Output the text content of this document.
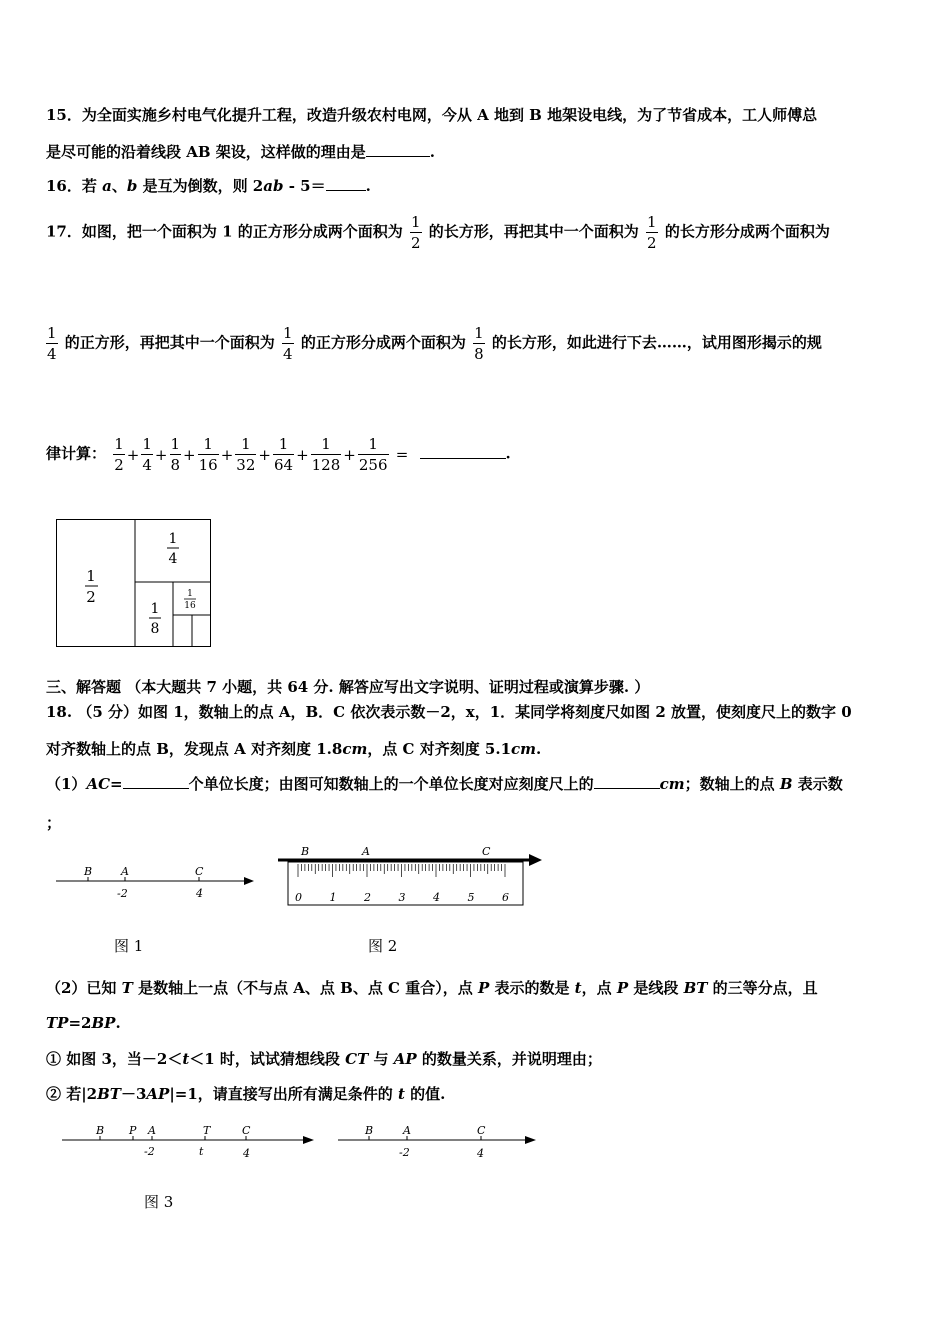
15．为全面实施乡村电气化提升工程，改造升级农村电网，今从 A 地到 B 地架设电线，为了节省成本，工人师傅总
是尽可能的沿着线段 AB 架设，这样做的理由是	.
16．若 a、b 是互为倒数，则 2ab - 5＝	.
17．如图，把一个面积为 1 的正方形分成两个面积为 $\frac{1}{2}$ 的长方形，再把其中一个面积为 $\frac{1}{2}$ 的长方形分成两个面积为
$\frac{1}{4}$ 的正方形，再把其中一个面积为 $\frac{1}{4}$ 的正方形分成两个面积为 $\frac{1}{8}$ 的长方形，如此进行下去……，试用图形揭示的规
律计算： $\frac{1}{2} + \frac{1}{4} + \frac{1}{8} + \frac{1}{16} + \frac{1}{32} + \frac{1}{64} + \frac{1}{128} + \frac{1}{256}$ =	.
1
2
1
4
1
8
1
16
三、解答题 （本大题共 7 小题，共 64 分. 解答应写出文字说明、证明过程或演算步骤. ）
18. （5 分）如图 1，数轴上的点 A，B．C 依次表示数－2，x，1．某同学将刻度尺如图 2 放置，使刻度尺上的数字 0
对齐数轴上的点 B，发现点 A 对齐刻度 1.8cm，点 C 对齐刻度 5.1cm.
（1）AC=	个单位长度；由图可知数轴上的一个单位长度对应刻度尺上的	cm；数轴上的点 B 表示数
；
B	A	C
-2	4
B	A	C
0	1	2	3	4	5	6
图 1	图 2
（2）已知 T 是数轴上一点（不与点 A、点 B、点 C 重合），点 P 表示的数是 t，点 P 是线段 BT 的三等分点，且
TP=2BP.
① 如图 3，当－2＜t＜1 时，试试猜想线段 CT 与 AP 的数量关系，并说明理由；
② 若|2BT－3AP|=1，请直接写出所有满足条件的 t 的值.
B P A	T	C
-2	t	4
B	A	C
-2	4
图 3
